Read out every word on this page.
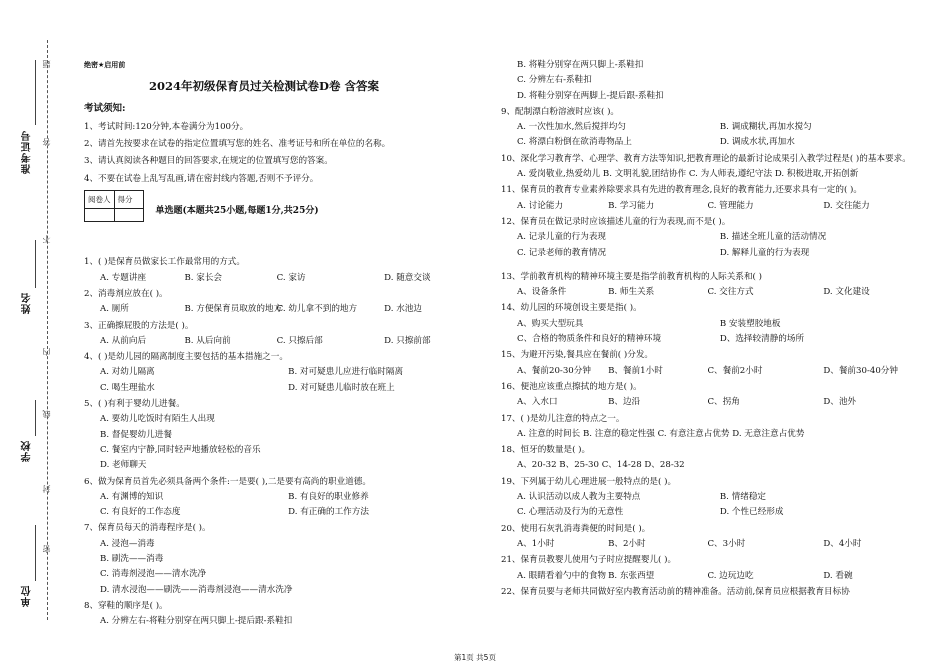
准考证号
姓名
学校
单位
题
答
不
内
线
封
密
绝密★启用前
2024年初级保育员过关检测试卷D卷 含答案
考试须知:
1、考试时间:120分钟,本卷满分为100分。
2、请首先按要求在试卷的指定位置填写您的姓名、准考证号和所在单位的名称。
3、请认真阅读各种题目的回答要求,在规定的位置填写您的答案。
4、不要在试卷上乱写乱画,请在密封线内答题,否则不予评分。
阅卷人	得分

单选题(本题共25小题,每题1分,共25分)
1、( )是保育员做家长工作最常用的方式。
A. 专题讲座	B. 家长会	C. 家访	D. 随意交谈
2、消毒剂应放在( )。
A. 厕所	B. 方便保育员取放的地方
C. 幼儿拿不到的地方	D. 水池边
3、正确擦屁股的方法是( )。
A. 从前向后	B. 从后向前	C. 只擦后部	D. 只擦前部
4、( )是幼儿园的隔离制度主要包括的基本措施之一。
A. 对幼儿隔离	B. 对可疑患儿应进行临时隔离
C. 喝生理盐水	D. 对可疑患儿临时放在班上
5、( )有利于婴幼儿进餐。
A. 要幼儿吃饭时有陌生人出现
B. 督促婴幼儿进餐
C. 餐室内宁静,同时轻声地播放轻松的音乐
D. 老师聊天
6、做为保育员首先必须具备两个条件:一是要( ),二是要有高尚的职业道德。
A. 有渊博的知识	B. 有良好的职业修养
C. 有良好的工作态度	D. 有正确的工作方法
7、保育员每天的消毒程序是( )。
A. 浸泡—消毒
B. 刷洗——消毒
C. 消毒剂浸泡——清水洗净
D. 清水浸泡——刷洗——消毒剂浸泡——清水洗净
8、穿鞋的顺序是( )。
A. 分辨左右-将鞋分别穿在两只脚上-提后跟-系鞋扣
B. 将鞋分别穿在两只脚上-系鞋扣
C. 分辨左右-系鞋扣
D. 将鞋分别穿在两脚上-提后跟-系鞋扣
9、配制漂白粉溶液时应该( )。
A. 一次性加水,然后搅拌均匀	B. 调成糊状,再加水搅匀
C. 将漂白粉倒在欲消毒物品上	D. 调成水状,再加水
10、深化学习教育学、心理学、教育方法等知识,把教育理论的最新讨论成果引入教学过程是( )的基本要求。
A. 爱岗敬业,热爱幼儿 B. 文明礼貌,团结协作 C. 为人师表,遵纪守法 D. 积极进取,开拓创新
11、保育员的教育专业素养除要求具有先进的教育理念,良好的教育能力,还要求具有一定的( )。
A. 讨论能力	B. 学习能力	C. 管理能力	D. 交往能力
12、保育员在做记录时应该描述儿童的行为表现,而不是( )。
A. 记录儿童的行为表现	B. 描述全班儿童的活动情况
C. 记录老师的教育情况	D. 解释儿童的行为表现
13、学前教育机构的精神环境主要是指学前教育机构的人际关系和( )
A、设备条件	B. 师生关系	C. 交往方式	D. 文化建设
14、幼儿园的环境创设主要是指( )。
A、购买大型玩具	B 安装塑胶地板
C、合格的物质条件和良好的精神环境	D、选择较清静的场所
15、为避开污染,餐具应在餐前( )分发。
A、餐前20-30分钟	B、餐前1小时	C、餐前2小时	D、餐前30-40分钟
16、便池应该重点擦拭的地方是( )。
A、入水口	B、边沿	C、拐角	D、池外
17、( )是幼儿注意的特点之一。
A. 注意的时间长 B. 注意的稳定性强 C. 有意注意占优势 D. 无意注意占优势
18、恒牙的数量是( )。
A、20-32 B、25-30 C、14-28 D、28-32
19、下列属于幼儿心理进展一般特点的是( )。
A. 认识活动以成人教为主要特点	B. 情绪稳定
C. 心理活动及行为的无意性	D. 个性已经形成
20、使用石灰乳消毒粪便的时间是( )。
A、1小时	B、2小时	C、3小时	D、4小时
21、保育员教婴儿使用勺子时应提醒婴儿( )。
A. 眼睛看着勺中的食物 B. 东张西望	C. 边玩边吃	D. 看碗
22、保育员要与老师共同做好室内教育活动前的精神准备。活动前,保育员应根据教育目标协
第1页 共5页
